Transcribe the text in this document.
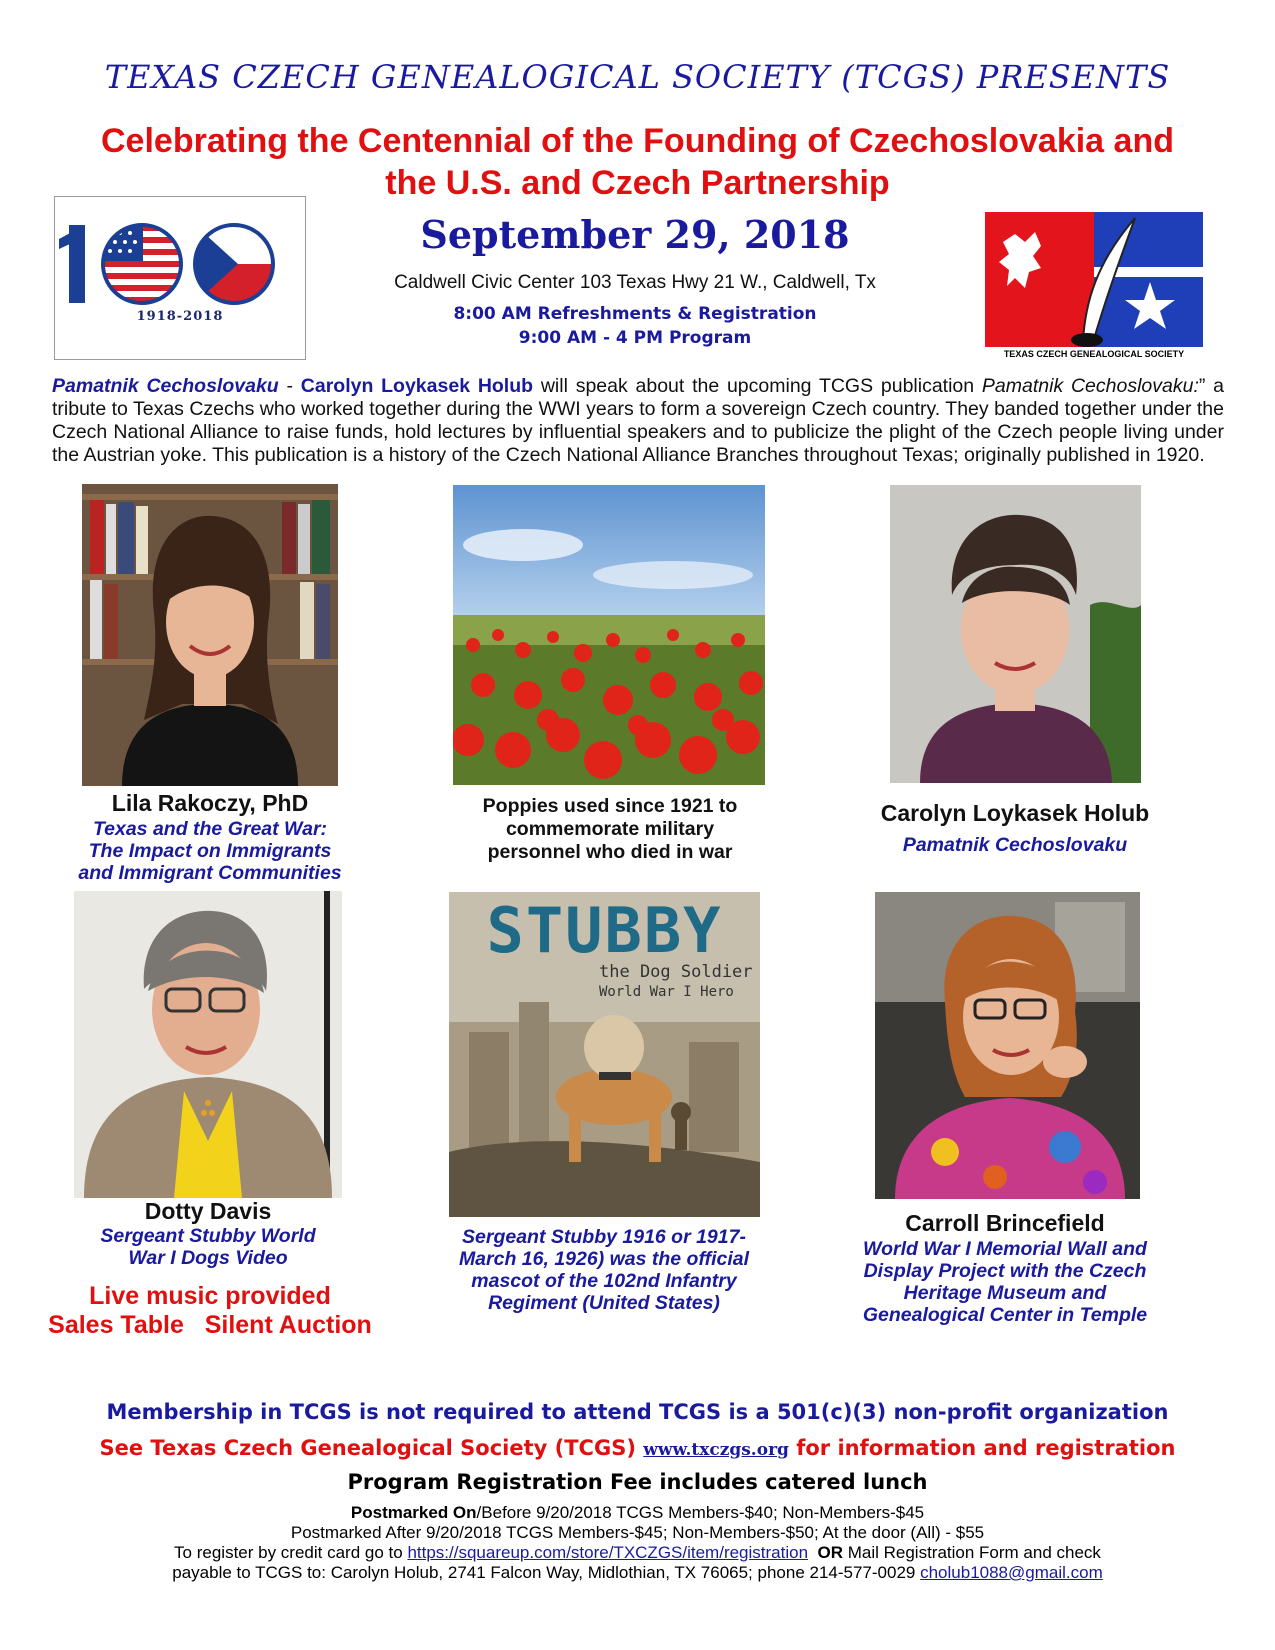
TEXAS CZECH GENEALOGICAL SOCIETY (TCGS) PRESENTS
Celebrating the Centennial of the Founding of Czechoslovakia and
the U.S. and Czech Partnership
1918-2018
September 29, 2018
Caldwell Civic Center 103 Texas Hwy 21 W., Caldwell, Tx
8:00 AM Refreshments & Registration
9:00 AM - 4 PM Program
TEXAS CZECH GENEALOGICAL SOCIETY
Pamatnik Cechoslovaku - Carolyn Loykasek Holub will speak about the upcoming TCGS publication Pamatnik Cechoslovaku:” a tribute to Texas Czechs who worked together during the WWI years to form a sovereign Czech country. They banded together under the Czech National Alliance to raise funds, hold lectures by influential speakers and to publicize the plight of the Czech people living under the Austrian yoke. This publication is a history of the Czech National Alliance Branches throughout Texas; originally published in 1920.
Lila Rakoczy, PhD
Texas and the Great War:
The Impact on Immigrants
and Immigrant Communities
Poppies used since 1921 to
commemorate military
personnel who died in war
Carolyn Loykasek Holub
Pamatnik Cechoslovaku
Dotty Davis
Sergeant Stubby World
War I Dogs Video
Live music provided
Sales Table Silent Auction
STUBBY
the Dog Soldier
World War I Hero
Sergeant Stubby 1916 or 1917-
March 16, 1926) was the official
mascot of the 102nd Infantry
Regiment (United States)
Carroll Brincefield
World War I Memorial Wall and
Display Project with the Czech
Heritage Museum and
Genealogical Center in Temple
Membership in TCGS is not required to attend TCGS is a 501(c)(3) non-profit organization
See Texas Czech Genealogical Society (TCGS) www.txczgs.org for information and registration
Program Registration Fee includes catered lunch
Postmarked On/Before 9/20/2018 TCGS Members-$40; Non-Members-$45
Postmarked After 9/20/2018 TCGS Members-$45; Non-Members-$50; At the door (All) - $55
To register by credit card go to https://squareup.com/store/TXCZGS/item/registration OR Mail Registration Form and check
payable to TCGS to: Carolyn Holub, 2741 Falcon Way, Midlothian, TX 76065; phone 214-577-0029 cholub1088@gmail.com
